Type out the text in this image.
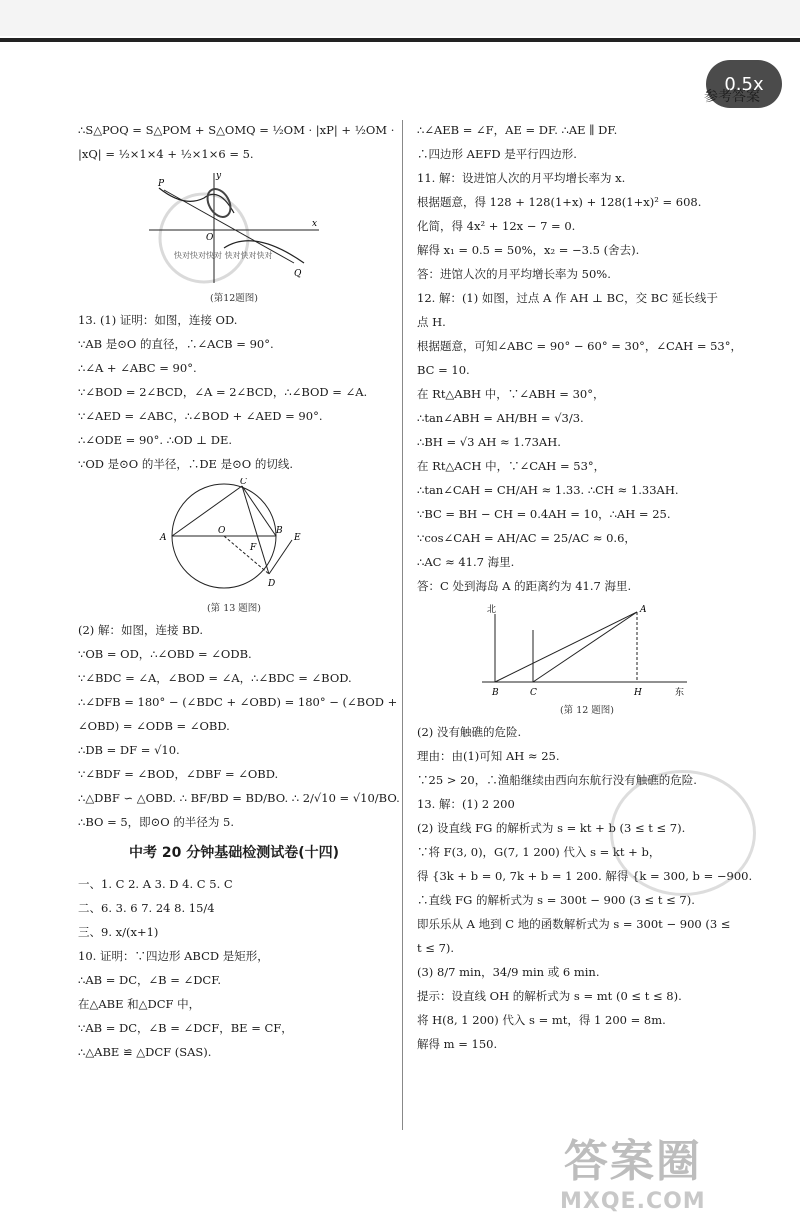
0.5x
参考答案
∴S△POQ = S△POM + S△OMQ = ½OM · |xP| + ½OM ·
|xQ| = ½×1×4 + ½×1×6 = 5.
P
y
x
Q
O
快对快对快对 快对快对快对
(第12题图)
13. (1) 证明：如图，连接 OD.
∵AB 是⊙O 的直径，∴∠ACB = 90°.
∴∠A + ∠ABC = 90°.
∵∠BOD = 2∠BCD，∠A = 2∠BCD，∴∠BOD = ∠A.
∵∠AED = ∠ABC，∴∠BOD + ∠AED = 90°.
∴∠ODE = 90°. ∴OD ⊥ DE.
∵OD 是⊙O 的半径，∴DE 是⊙O 的切线.
A
O
C
F
B
E
D
(第 13 题图)
(2) 解：如图，连接 BD.
∵OB = OD，∴∠OBD = ∠ODB.
∵∠BDC = ∠A，∠BOD = ∠A，∴∠BDC = ∠BOD.
∴∠DFB = 180° − (∠BDC + ∠OBD) = 180° − (∠BOD +
∠OBD) = ∠ODB = ∠OBD.
∴DB = DF = √10.
∵∠BDF = ∠BOD，∠DBF = ∠OBD.
∴△DBF ∽ △OBD. ∴ BF/BD = BD/BO. ∴ 2/√10 = √10/BO.
∴BO = 5，即⊙O 的半径为 5.
中考 20 分钟基础检测试卷(十四)
一、1. C 2. A 3. D 4. C 5. C
二、6. 3. 6 7. 24 8. 15/4
三、9. x/(x+1)
10. 证明：∵四边形 ABCD 是矩形，
∴AB = DC，∠B = ∠DCF.
在△ABE 和△DCF 中，
∵AB = DC，∠B = ∠DCF，BE = CF，
∴△ABE ≌ △DCF (SAS).
∴∠AEB = ∠F，AE = DF. ∴AE ∥ DF.
∴四边形 AEFD 是平行四边形.
11. 解：设进馆人次的月平均增长率为 x.
根据题意，得 128 + 128(1+x) + 128(1+x)² = 608.
化简，得 4x² + 12x − 7 = 0.
解得 x₁ = 0.5 = 50%，x₂ = −3.5 (舍去).
答：进馆人次的月平均增长率为 50%.
12. 解：(1) 如图，过点 A 作 AH ⊥ BC，交 BC 延长线于
点 H.
根据题意，可知∠ABC = 90° − 60° = 30°，∠CAH = 53°，
BC = 10.
在 Rt△ABH 中，∵∠ABH = 30°，
∴tan∠ABH = AH/BH = √3/3.
∴BH = √3 AH ≈ 1.73AH.
在 Rt△ACH 中，∵∠CAH = 53°，
∴tan∠CAH = CH/AH ≈ 1.33. ∴CH ≈ 1.33AH.
∵BC = BH − CH = 0.4AH = 10，∴AH = 25.
∵cos∠CAH = AH/AC = 25/AC ≈ 0.6，
∴AC ≈ 41.7 海里.
答：C 处到海岛 A 的距离约为 41.7 海里.
北	A
B	C	H	东
(第 12 题图)
(2) 没有触礁的危险.
理由：由(1)可知 AH ≈ 25.
∵25 > 20，∴渔船继续由西向东航行没有触礁的危险.
13. 解：(1) 2 200
(2) 设直线 FG 的解析式为 s = kt + b (3 ≤ t ≤ 7).
∵将 F(3, 0)，G(7, 1 200) 代入 s = kt + b，
得 {3k + b = 0, 7k + b = 1 200. 解得 {k = 300, b = −900.
∴直线 FG 的解析式为 s = 300t − 900 (3 ≤ t ≤ 7).
即乐乐从 A 地到 C 地的函数解析式为 s = 300t − 900 (3 ≤
t ≤ 7).
(3) 8/7 min，34/9 min 或 6 min.
提示：设直线 OH 的解析式为 s = mt (0 ≤ t ≤ 8).
将 H(8, 1 200) 代入 s = mt，得 1 200 = 8m.
解得 m = 150.
答案圈
MXQE.COM
